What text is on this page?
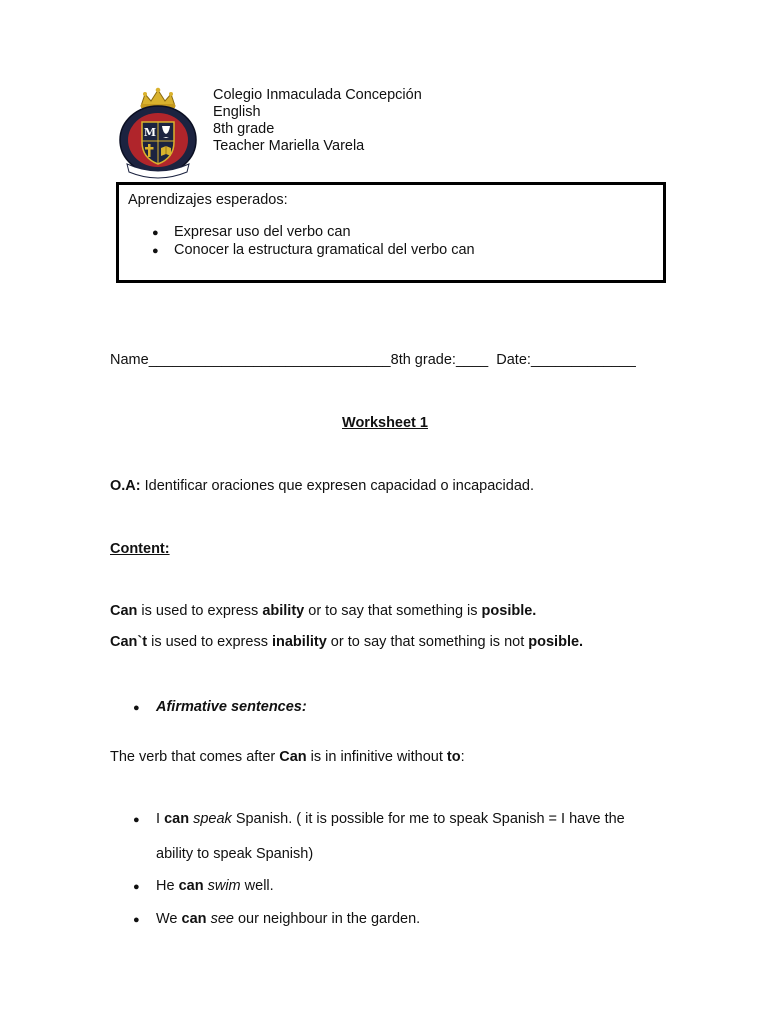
M
Colegio Inmaculada Concepción
English
8th grade
Teacher Mariella Varela
Aprendizajes esperados:
● Expresar uso del verbo can
● Conocer la estructura gramatical del verbo can
Name______________________________8th grade:____ Date:_____________
Worksheet 1
O.A: Identificar oraciones que expresen capacidad o incapacidad.
Content:
Can is used to express ability or to say that something is posible.
Can`t is used to express inability or to say that something is not posible.
● Afirmative sentences:
The verb that comes after Can is in infinitive without to:
● I can speak Spanish. ( it is possible for me to speak Spanish = I have the
ability to speak Spanish)
● He can swim well.
● We can see our neighbour in the garden.
